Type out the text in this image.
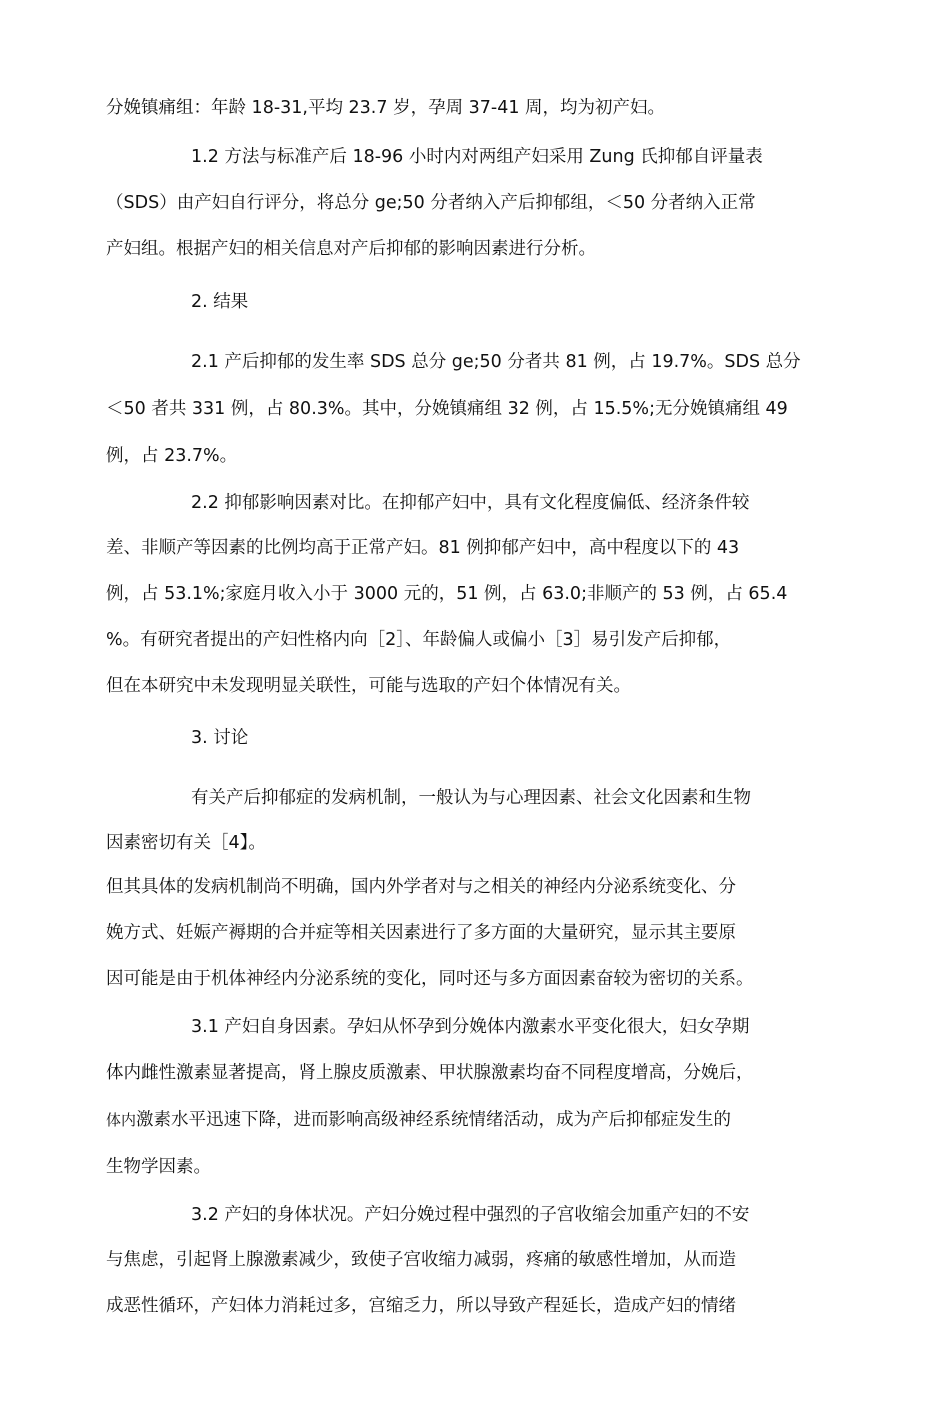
分娩镇痛组：年龄 18-31,平均 23.7 岁，孕周 37-41 周，均为初产妇。
1.2 方法与标准产后 18-96 小时内对两组产妇采用 Zung 氏抑郁自评量表
（SDS）由产妇自行评分，将总分 ge;50 分者纳入产后抑郁组，＜50 分者纳入正常
产妇组。根据产妇的相关信息对产后抑郁的影响因素进行分析。
2. 结果
2.1 产后抑郁的发生率 SDS 总分 ge;50 分者共 81 例，占 19.7%。SDS 总分
＜50 者共 331 例，占 80.3%。其中，分娩镇痛组 32 例，占 15.5%;无分娩镇痛组 49
例，占 23.7%。
2.2 抑郁影响因素对比。在抑郁产妇中，具有文化程度偏低、经济条件较
差、非顺产等因素的比例均高于正常产妇。81 例抑郁产妇中，高中程度以下的 43
例，占 53.1%;家庭月收入小于 3000 元的，51 例，占 63.0;非顺产的 53 例，占 65.4
%。有研究者提出的产妇性格内向［2］、年龄偏人或偏小［3］易引发产后抑郁，
但在本研究中未发现明显关联性，可能与选取的产妇个体情况有关。
3. 讨论
有关产后抑郁症的发病机制，一般认为与心理因素、社会文化因素和生物
因素密切有关［4】。
但其具体的发病机制尚不明确，国内外学者对与之相关的神经内分泌系统变化、分
娩方式、妊娠产褥期的合并症等相关因素进行了多方面的大量研究，显示其主要原
因可能是由于机体神经内分泌系统的变化，同吋还与多方面因素奋较为密切的关系。
3.1 产妇自身因素。孕妇从怀孕到分娩体内激素水平变化很大，妇女孕期
体内雌性激素显著提高，肾上腺皮质激素、甲状腺激素均奋不同程度增高，分娩后，
体内激素水平迅速下降，进而影响高级神经系统情绪活动，成为产后抑郁症发生的
生物学因素。
3.2 产妇的身体状况。产妇分娩过程中强烈的子宫收缩会加重产妇的不安
与焦虑，引起肾上腺激素减少，致使子宫收缩力减弱，疼痛的敏感性增加，从而造
成恶性循环，产妇体力消耗过多，宫缩乏力，所以导致产程延长，造成产妇的情绪
